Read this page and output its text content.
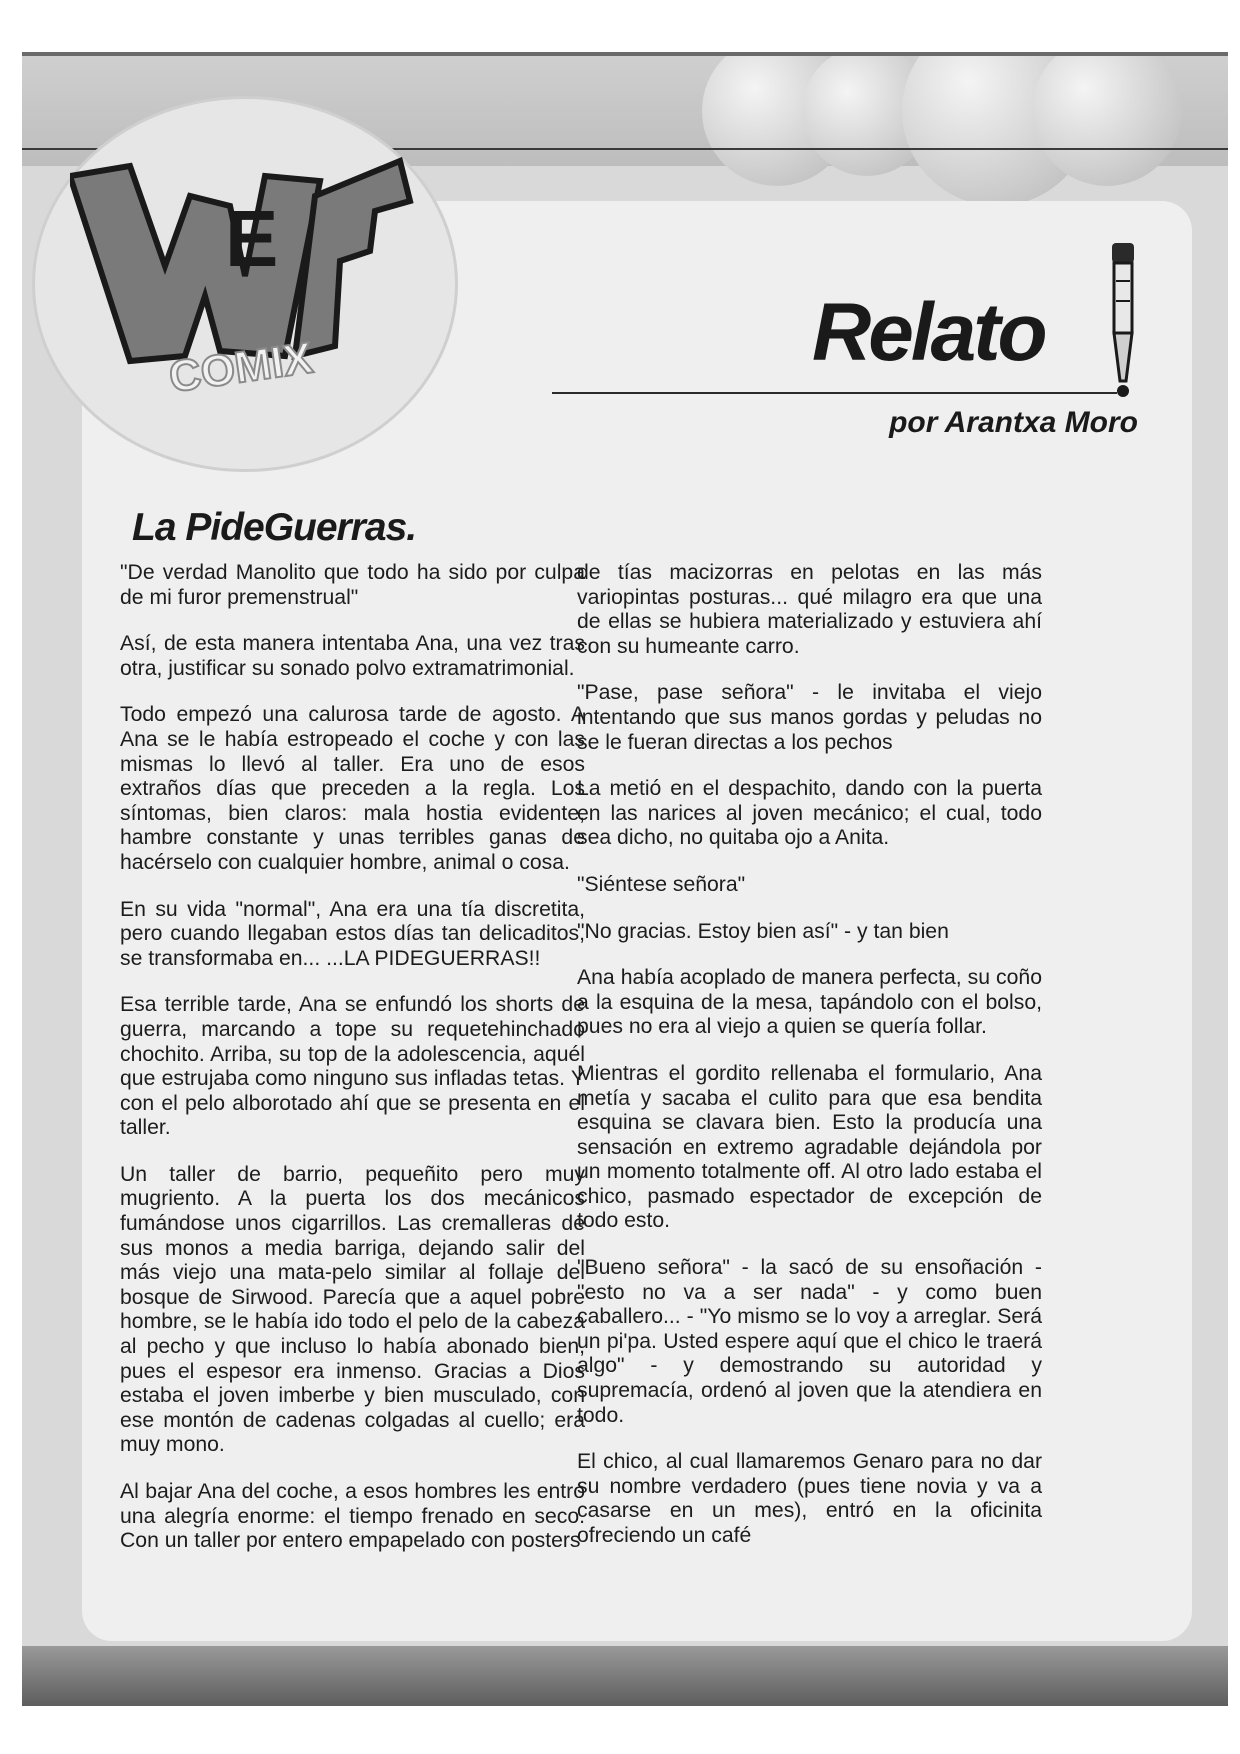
E
COMIX	Relato
por Arantxa Moro
La PideGuerras.

"De verdad Manolito que todo ha sido por culpa de mi furor premenstrual"

Así, de esta manera intentaba Ana, una vez tras otra, justificar su sonado polvo extramatrimonial.

Todo empezó una calurosa tarde de agosto. A Ana se le había estropeado el coche y con las mismas lo llevó al taller. Era uno de esos extraños días que preceden a la regla. Los síntomas, bien claros: mala hostia evidente, hambre constante y unas terribles ganas de hacérselo con cualquier hombre, animal o cosa.

En su vida "normal", Ana era una tía discretita, pero cuando llegaban estos días tan delicaditos, se transformaba en... ...LA PIDEGUERRAS!!

Esa terrible tarde, Ana se enfundó los shorts de guerra, marcando a tope su requetehinchado chochito. Arriba, su top de la adolescencia, aquél que estrujaba como ninguno sus infladas tetas. Y con el pelo alborotado ahí que se presenta en el taller.

Un taller de barrio, pequeñito pero muy mugriento. A la puerta los dos mecánicos fumándose unos cigarrillos. Las cremalleras de sus monos a media barriga, dejando salir del más viejo una mata-pelo similar al follaje del bosque de Sirwood. Parecía que a aquel pobre hombre, se le había ido todo el pelo de la cabeza al pecho y que incluso lo había abonado bien, pues el espesor era inmenso. Gracias a Dios estaba el joven imberbe y bien musculado, con ese montón de cadenas colgadas al cuello; era muy mono.

Al bajar Ana del coche, a esos hombres les entró una alegría enorme: el tiempo frenado en seco. Con un taller por entero empapelado con posters

de tías macizorras en pelotas en las más variopintas posturas... qué milagro era que una de ellas se hubiera materializado y estuviera ahí con su humeante carro.

"Pase, pase señora" - le invitaba el viejo intentando que sus manos gordas y peludas no se le fueran directas a los pechos

La metió en el despachito, dando con la puerta en las narices al joven mecánico; el cual, todo sea dicho, no quitaba ojo a Anita.

"Siéntese señora"

"No gracias. Estoy bien así" - y tan bien

Ana había acoplado de manera perfecta, su coño a la esquina de la mesa, tapándolo con el bolso, pues no era al viejo a quien se quería follar.

Mientras el gordito rellenaba el formulario, Ana metía y sacaba el culito para que esa bendita esquina se clavara bien. Esto la producía una sensación en extremo agradable dejándola por un momento totalmente off. Al otro lado estaba el chico, pasmado espectador de excepción de todo esto.

"Bueno señora" - la sacó de su ensoñación - "esto no va a ser nada" - y como buen caballero... - "Yo mismo se lo voy a arreglar. Será un pi'pa. Usted espere aquí que el chico le traerá algo" - y demostrando su autoridad y supremacía, ordenó al joven que la atendiera en todo.

El chico, al cual llamaremos Genaro para no dar su nombre verdadero (pues tiene novia y va a casarse en un mes), entró en la oficinita ofreciendo un café
